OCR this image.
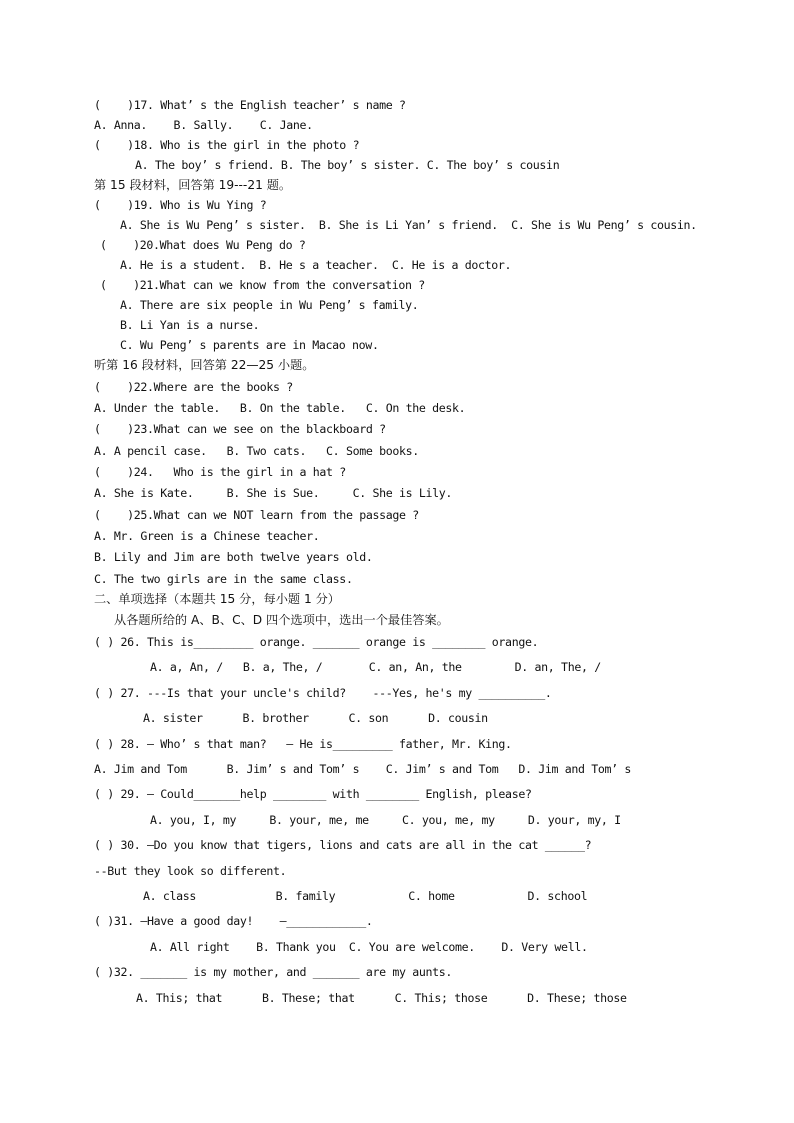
(    )17. What’ s the English teacher’ s name ?
A. Anna.    B. Sally.    C. Jane.
(    )18. Who is the girl in the photo ?
A. The boy’ s friend. B. The boy’ s sister. C. The boy’ s cousin
第 15 段材料，回答第 19---21 题。
(    )19. Who is Wu Ying ?
A. She is Wu Peng’ s sister.  B. She is Li Yan’ s friend.  C. She is Wu Peng’ s cousin.
(    )20.What does Wu Peng do ?
A. He is a student.  B. He s a teacher.  C. He is a doctor.
(    )21.What can we know from the conversation ?
A. There are six people in Wu Peng’ s family.
B. Li Yan is a nurse.
C. Wu Peng’ s parents are in Macao now.
听第 16 段材料，回答第 22—25 小题。
(    )22.Where are the books ?
A. Under the table.   B. On the table.   C. On the desk.
(    )23.What can we see on the blackboard ?
A. A pencil case.   B. Two cats.   C. Some books.
(    )24.   Who is the girl in a hat ?
A. She is Kate.     B. She is Sue.     C. She is Lily.
(    )25.What can we NOT learn from the passage ?
A. Mr. Green is a Chinese teacher.
B. Lily and Jim are both twelve years old.
C. The two girls are in the same class.
二、单项选择（本题共 15 分，每小题 1 分）
从各题所给的 A、B、C、D 四个选项中，选出一个最佳答案。
( ) 26. This is_________ orange. _______ orange is ________ orange.
A. a, An, /   B. a, The, /       C. an, An, the        D. an, The, /
( ) 27. ---Is that your uncle's child?    ---Yes, he's my __________.
A. sister      B. brother      C. son      D. cousin
( ) 28. — Who’ s that man?   — He is_________ father, Mr. King.
A. Jim and Tom      B. Jim’ s and Tom’ s    C. Jim’ s and Tom   D. Jim and Tom’ s
( ) 29. — Could_______help ________ with ________ English, please?
A. you, I, my     B. your, me, me     C. you, me, my     D. your, my, I
( ) 30. —Do you know that tigers, lions and cats are all in the cat ______?
--But they look so different.
A. class            B. family           C. home           D. school
( )31. —Have a good day!    —____________.
A. All right    B. Thank you  C. You are welcome.    D. Very well.
( )32. _______ is my mother, and _______ are my aunts.
A. This; that      B. These; that      C. This; those      D. These; those
